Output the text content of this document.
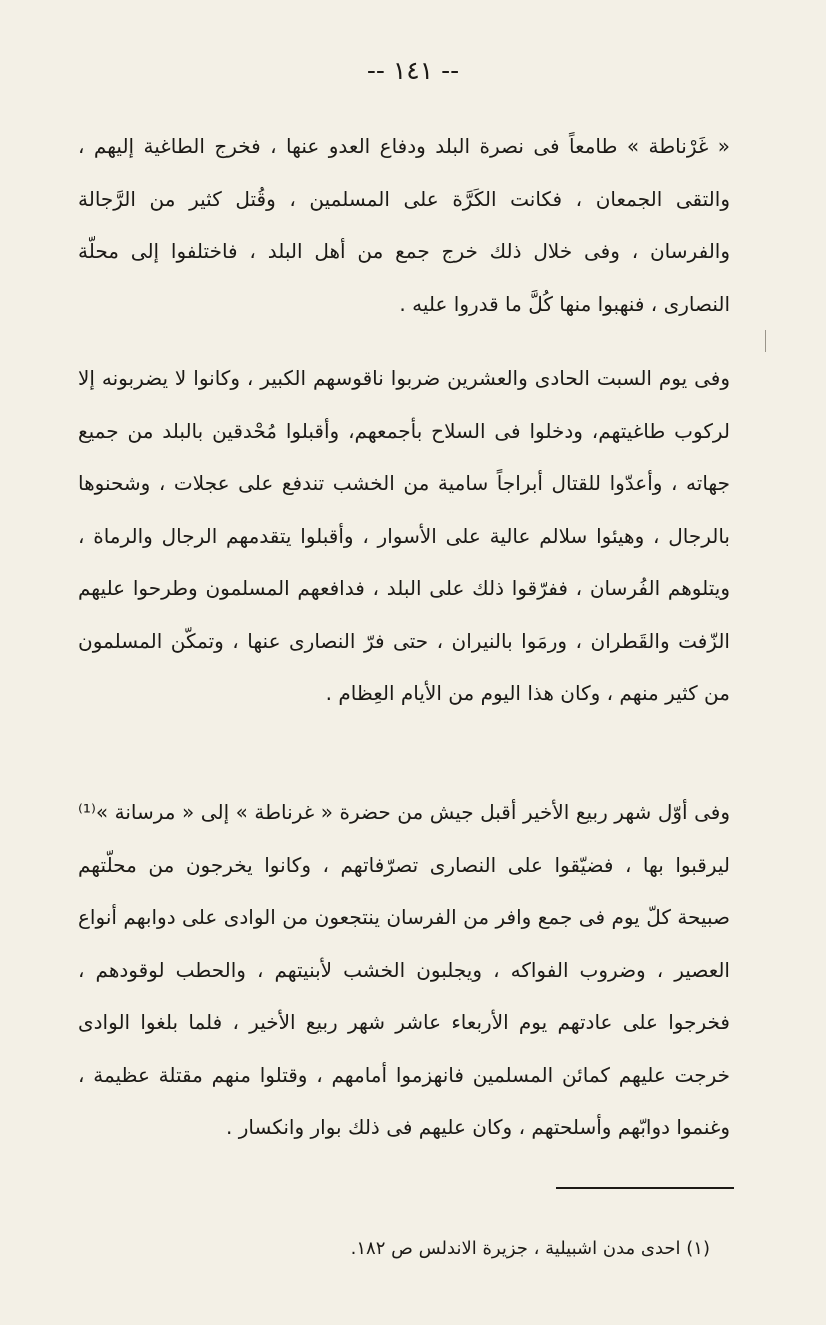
-- ١٤١ --

« غَرْناطة » طامعاً فى نصرة البلد ودفاع العدو عنها ، فخرج الطاغية إليهم ، والتقى الجمعان ، فكانت الكَرَّة على المسلمين ، وقُتل كثير من الرَّجالة والفرسان ، وفى خلال ذلك خرج جمع من أهل البلد ، فاختلفوا إلى محلّة النصارى ، فنهبوا منها كُلَّ ما قدروا عليه .

وفى يوم السبت الحادى والعشرين ضربوا ناقوسهم الكبير ، وكانوا لا يضربونه إلا لركوب طاغيتهم، ودخلوا فى السلاح بأجمعهم، وأقبلوا مُحْدقين بالبلد من جميع جهاته ، وأعدّوا للقتال أبراجاً سامية من الخشب تندفع على عجلات ، وشحنوها بالرجال ، وهيئوا سلالم عالية على الأسوار ، وأقبلوا يتقدمهم الرجال والرماة ، ويتلوهم الفُرسان ، ففرّقوا ذلك على البلد ، فدافعهم المسلمون وطرحوا عليهم الزّفت والقَطران ، ورمَوا بالنيران ، حتى فرّ النصارى عنها ، وتمكّن المسلمون من كثير منهم ، وكان هذا اليوم من الأيام العِظام .

وفى أوّل شهر ربيع الأخير أقبل جيش من حضرة « غرناطة » إلى « مرسانة »⁽¹⁾ ليرقبوا بها ، فضيّقوا على النصارى تصرّفاتهم ، وكانوا يخرجون من محلّتهم صبيحة كلّ يوم فى جمع وافر من الفرسان ينتجعون من الوادى على دوابهم أنواع العصير ، وضروب الفواكه ، ويجلبون الخشب لأبنيتهم ، والحطب لوقودهم ، فخرجوا على عادتهم يوم الأربعاء عاشر شهر ربيع الأخير ، فلما بلغوا الوادى خرجت عليهم كمائن المسلمين فانهزموا أمامهم ، وقتلوا منهم مقتلة عظيمة ، وغنموا دوابّهم وأسلحتهم ، وكان عليهم فى ذلك بوار وانكسار .

(١) احدى مدن اشبيلية ، جزيرة الاندلس ص ١٨٢.
